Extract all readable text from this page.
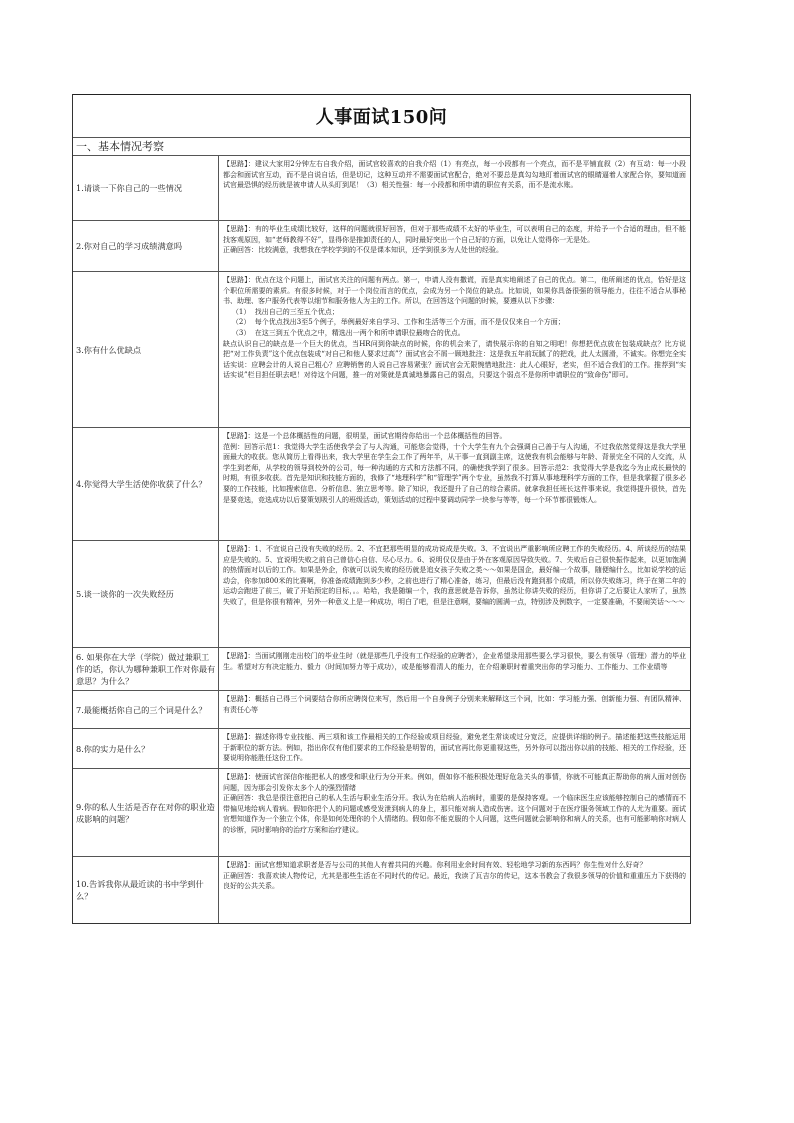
人事面试150问
一、基本情况考察
1.请谈一下你自己的一些情况
【思路】：建议大家用2分钟左右自我介绍，面试官较喜欢的自我介绍（1）有亮点，每一小段都有一个亮点，而不是平铺直叙（2）有互动：每一小段都会和面试官互动，而不是自说自话，但是切记，这种互动并不需要面试官配合，绝对不要总是真勾勾地盯着面试官的眼睛逼着人家配合你，要知道面试官最恐惧的经历就是被申请人从头盯到尾！（3）相关性强：每一小段都和所申请的职位有关系，而不是流水账。
2.你对自己的学习成绩满意吗
【思路】：有的毕业生成绩比较好，这样的问题就很好回答，但对于那些成绩不太好的毕业生，可以表明自己的态度，并给予一个合适的理由，但不能找客观原因，如“老师教得不好”，显得你是推卸责任的人，同时最好突出一个自己好的方面，以免让人觉得你一无是处。
正确回答：比较满意，我想我在学校学到的不仅是课本知识，还学到很多为人处世的经验。
3.你有什么优缺点
【思路】：优点在这个问题上，面试官关注的问题有两点。第一，申请人没有撒谎，而是真实地阐述了自己的优点。第二，他所阐述的优点，恰好是这个职位所需要的素质。有很多时候，对于一个岗位而言的优点，会成为另一个岗位的缺点。比如说，如果你具备很强的领导能力，往往不适合从事秘书、助理、客户服务代表等以细节和服务他人为主的工作。所以，在回答这个问题的时候，要遵从以下步骤：
（1）  找出自己的三至五个优点；
（2）  每个优点找出3至5个例子，举例最好来自学习、工作和生活等三个方面，而不是仅仅来自一个方面；
（3）  在这三到五个优点之中，精选出一两个和所申请职位最吻合的优点。
缺点认识自己的缺点是一个巨大的优点，当HR问到你缺点的时候，你的机会来了，请快展示你的自知之明吧！你想把优点放在包装成缺点？比方说把“对工作负责”这个优点包装成“对自己和他人要求过高”？面试官会不屑一顾地批注：这是我五年前玩腻了的把戏，此人太圆滑，不诚实。你想完全实话实说：应聘会计的人说自己粗心？应聘销售的人说自己容易紧张？面试官会无限惋惜地批注：此人心眼好，老实，但不适合我们的工作。推荐到“实话实说”栏目担任职去吧！对待这个问题，推一的对策就是真诚地暴露自己的弱点，只要这个弱点不是你所申请职位的“致命伤”即可。
4.你觉得大学生活使你收获了什么？
【思路】：这是一个总体概括性的问题，很明显，面试官期待你给出一个总体概括性的回答。
范例：回答示范1：我觉得大学生活使我学会了与人沟通，可能您会觉得，十个大学生有九个会强调自己善于与人沟通，不过我依然觉得这是我大学里面最大的收获。您从简历上看得出来，我大学里在学生会工作了两年半，从干事一直到副主席，这使我有机会能够与年龄、背景完全不同的人交流，从学生到老师，从学校的领导到校外的公司，每一种沟通的方式和方法都不同，的确使我学到了很多。回答示范2：我觉得大学是我迄今为止成长最快的时期，有很多收获。首先是知识和技能方面的，我修了“地理科学”和“管理学”两个专业，虽然我不打算从事地理科学方面的工作，但是我掌握了很多必要的工作技能，比如搜索信息、分析信息、独立思考等。除了知识，我还提升了自己的综合素质。就拿我担任班长这件事来说，我觉得提升很快，首先是要竞选，竞选成功以后要策划吸引人的班级活动，策划活动的过程中要调动同学一块参与等等，每一个环节都很锻炼人。
5.谈一谈你的一次失败经历
【思路】：1、不宜说自己没有失败的经历。2、不宜把那些明显的成功说成是失败。3、不宜说出严重影响所应聘工作的失败经历。4、所谈经历的结果应是失败的。5、宜说明失败之前自己曾信心自信、尽心尽力。6、说明仅仅是由于外在客观原因导致失败。7、失败后自己很快振作起来，以更加饱满的热情面对以后的工作。如果是外企，你就可以说失败的经历就是追女孩子失败之类～～如果是国企，最好编一个故事，随便编什么，比如说学校的运动会，你参加800米的比赛啊，你准备成绩跑到多少秒，之前也进行了精心准备，练习，但最后没有跑到那个成绩，所以你失败练习，终于在第二年的运动会跑进了前三，破了开始预定的目标，。。哈哈，我是随编一个，我的意思就是告诉你，虽然让你讲失败的经历，但你讲了之后要让人家听了，虽然失败了，但是你很有精神，另外一种意义上是一种成功，明白了吧，但是注意啊，要编的圆满一点，特别涉及例数字，一定要准确，不要闹笑话～～～
6. 如果你在大学（学院）做过兼职工作的话，你认为哪种兼职工作对你最有意思？为什么？
【思路】：当面试刚刚走出校门的毕业生时（就是那些几乎没有工作经验的应聘者），企业希望录用那些要么学习很快，要么有领导（管理）潜力的毕业生。希望对方有决定能力、毅力（时间加努力等于成功），或是能够看清人的能力，在介绍兼职时着重突出你的学习能力、工作能力、工作业绩等
7.最能概括你自己的三个词是什么？
【思路】：概括自己得三个词要结合你所应聘岗位来写，然后用一个自身例子分别来来解释这三个词，比如：学习能力强、创新能力强、有团队精神、有责任心等
8.你的实力是什么？
【思路】：描述你得专业技能、两三项和该工作最相关的工作经验或项目经验，避免老生常谈或过分宽泛，应提供详细的例子。描述能把这些技能运用于新职位的新方法。例如，指出你仅有他们要求的工作经验是明智的，面试官再比你更重视这些，另外你可以指出你以前的技能、相关的工作经验，还要说明你能胜任这份工作。
9.你的私人生活是否存在对你的职业造成影响的问题？
【思路】：使面试官深信你能把私人的感受和职业行为分开来。例如，假如你不能积极处理好危急关头的事情，你就不可能真正帮助你的病人面对创伤问题，因为那会引发你太多个人的强烈情绪
正确回答：我总是很注意把自己的私人生活与职业生活分开。我认为在给病人治病时，重要的是保持客观。一个临床医生应该能够控制自己的感情而不带偏见地给病人看病。假如你把个人的问题或感受发泄到病人的身上，那只能对病人造成伤害。这个问题对于在医疗服务领域工作的人尤为重要。面试官想知道作为一个独立个体，你是如何处理你的个人情绪的。假如你不能克服的个人问题，这些问题就会影响你和病人的关系，也有可能影响你对病人的诊断，同时影响你的治疗方案和治疗建议。
10.告诉我你从最近读的书中学到什么？
【思路】：面试官想知道求职者是否与公司的其他人有着共同的兴趣。你利用业余时间有效、轻松地学习新的东西吗？你生性对什么好奇？
正确回答：我喜欢读人物传记，尤其是那些生活在不同时代的传记。最近，我读了瓦吉尔的传记，这本书教会了我很多领导的价值和重重压力下获得的良好的公共关系。
